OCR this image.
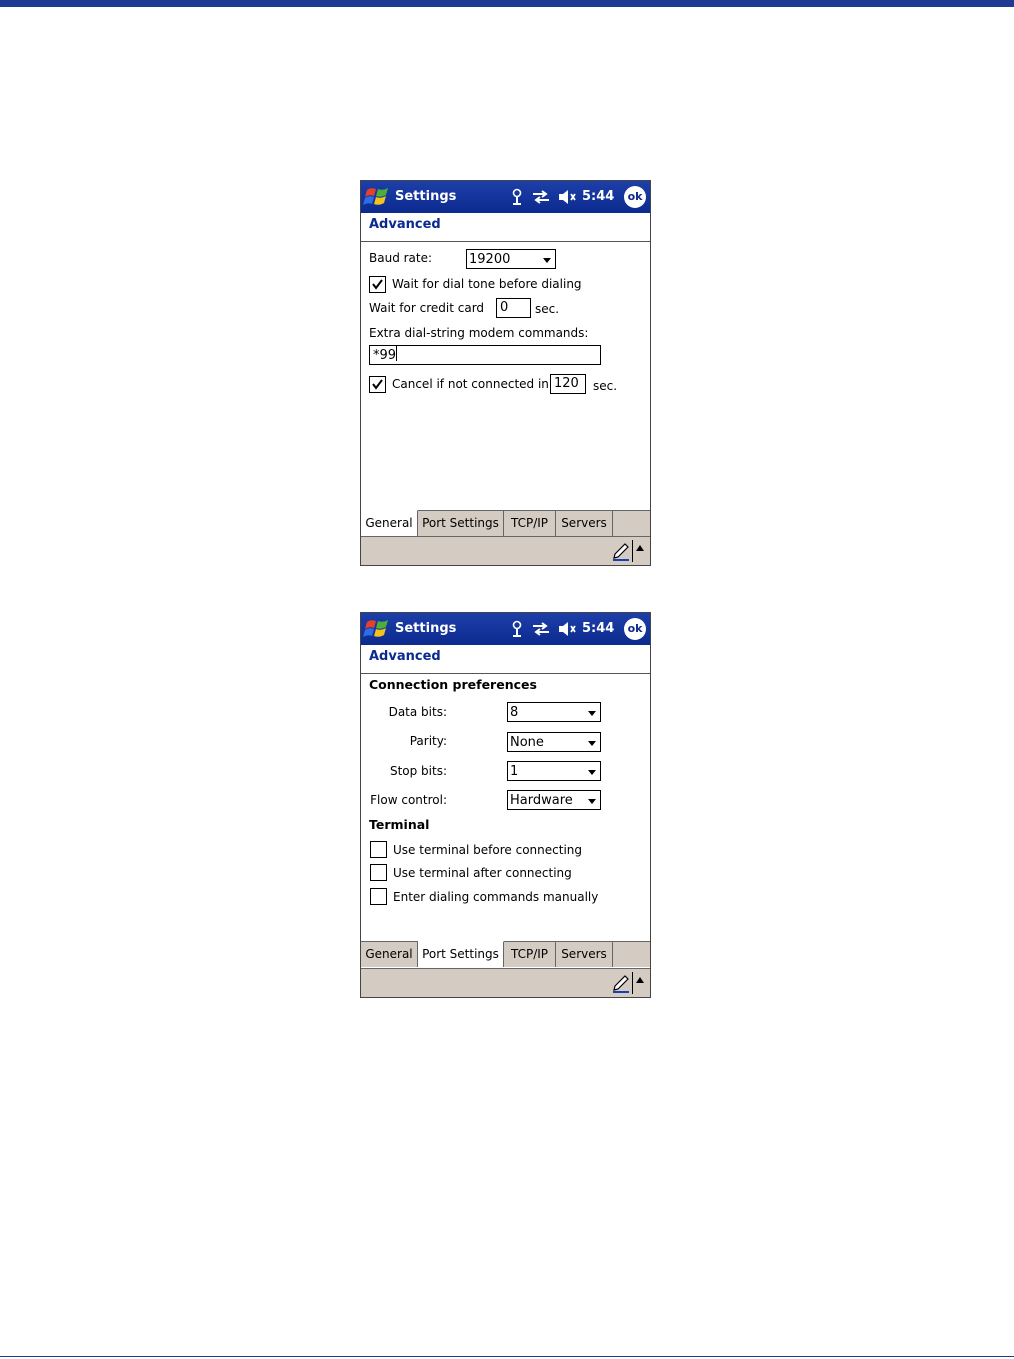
Settings	5:44	ok
Advanced
Baud rate:	19200
Wait for dial tone before dialing
Wait for credit card	0	sec.
Extra dial-string modem commands:
*99
Cancel if not connected in 120	sec.
General Port Settings	TCP/IP	Servers
Settings	5:44	ok
Advanced
Connection preferences
Data bits:	8
Parity:	None
Stop bits:	1
Flow control:	Hardware
Terminal
Use terminal before connecting
Use terminal after connecting
Enter dialing commands manually
General Port Settings	TCP/IP	Servers
